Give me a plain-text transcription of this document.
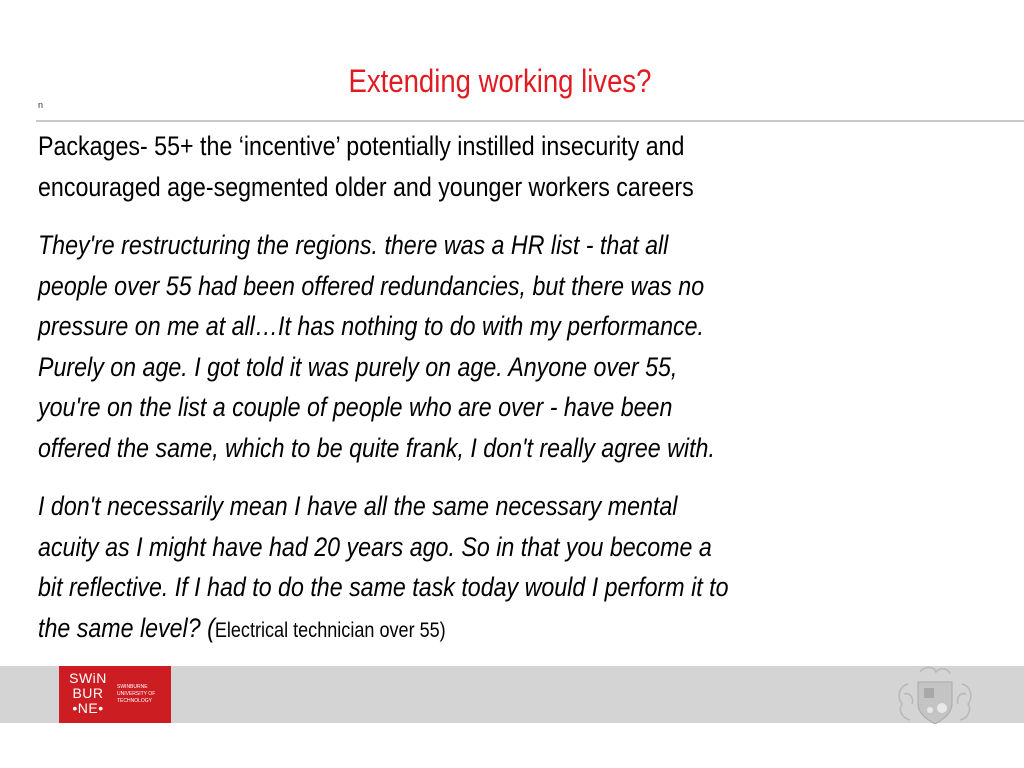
Extending working lives?
n

Packages- 55+ the ‘incentive’ potentially instilled insecurity and
encouraged age-segmented older and younger workers careers

They're restructuring the regions. there was a HR list - that all
people over 55 had been offered redundancies, but there was no
pressure on me at all…It has nothing to do with my performance.
Purely on age. I got told it was purely on age. Anyone over 55,
you're on the list a couple of people who are over - have been
offered the same, which to be quite frank, I don't really agree with.

I don't necessarily mean I have all the same necessary mental
acuity as I might have had 20 years ago. So in that you become a
bit reflective. If I had to do the same task today would I perform it to
the same level? (Electrical technician over 55)

SWiN
BUR
•NE•
SWINBURNE
UNIVERSITY OF
TECHNOLOGY
